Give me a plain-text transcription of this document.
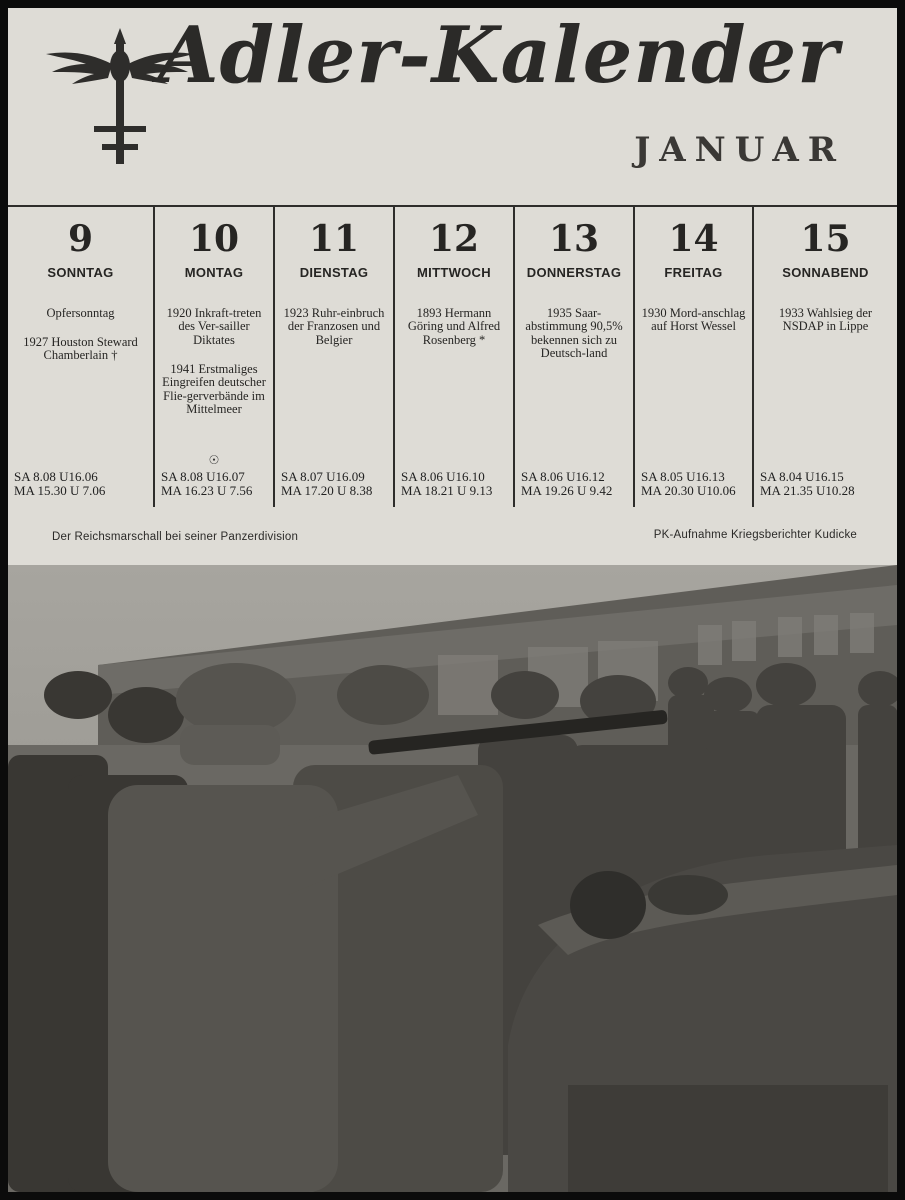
Adler-Kalender
JANUAR
9
SONNTAG

Opfersonntag

1927 Houston Steward Chamberlain †

SA 8.08 U16.06
MA 15.30 U 7.06
10
MONTAG

1920 Inkraft-treten des Ver-sailler Diktates

1941 Erstmaliges Eingreifen deutscher Flie-gerverbände im Mittelmeer

☉
SA 8.08 U16.07
MA 16.23 U 7.56
11
DIENSTAG

1923 Ruhr-einbruch der Franzosen und Belgier

SA 8.07 U16.09
MA 17.20 U 8.38
12
MITTWOCH

1893 Hermann Göring und Alfred Rosenberg *

SA 8.06 U16.10
MA 18.21 U 9.13
13
DONNERSTAG

1935 Saar-abstimmung 90,5% bekennen sich zu Deutsch-land

SA 8.06 U16.12
MA 19.26 U 9.42
14
FREITAG

1930 Mord-anschlag auf Horst Wessel

SA 8.05 U16.13
MA 20.30 U10.06
15
SONNABEND

1933 Wahlsieg der NSDAP in Lippe

SA 8.04 U16.15
MA 21.35 U10.28
Der Reichsmarschall bei seiner Panzerdivision	PK-Aufnahme Kriegsberichter Kudicke
